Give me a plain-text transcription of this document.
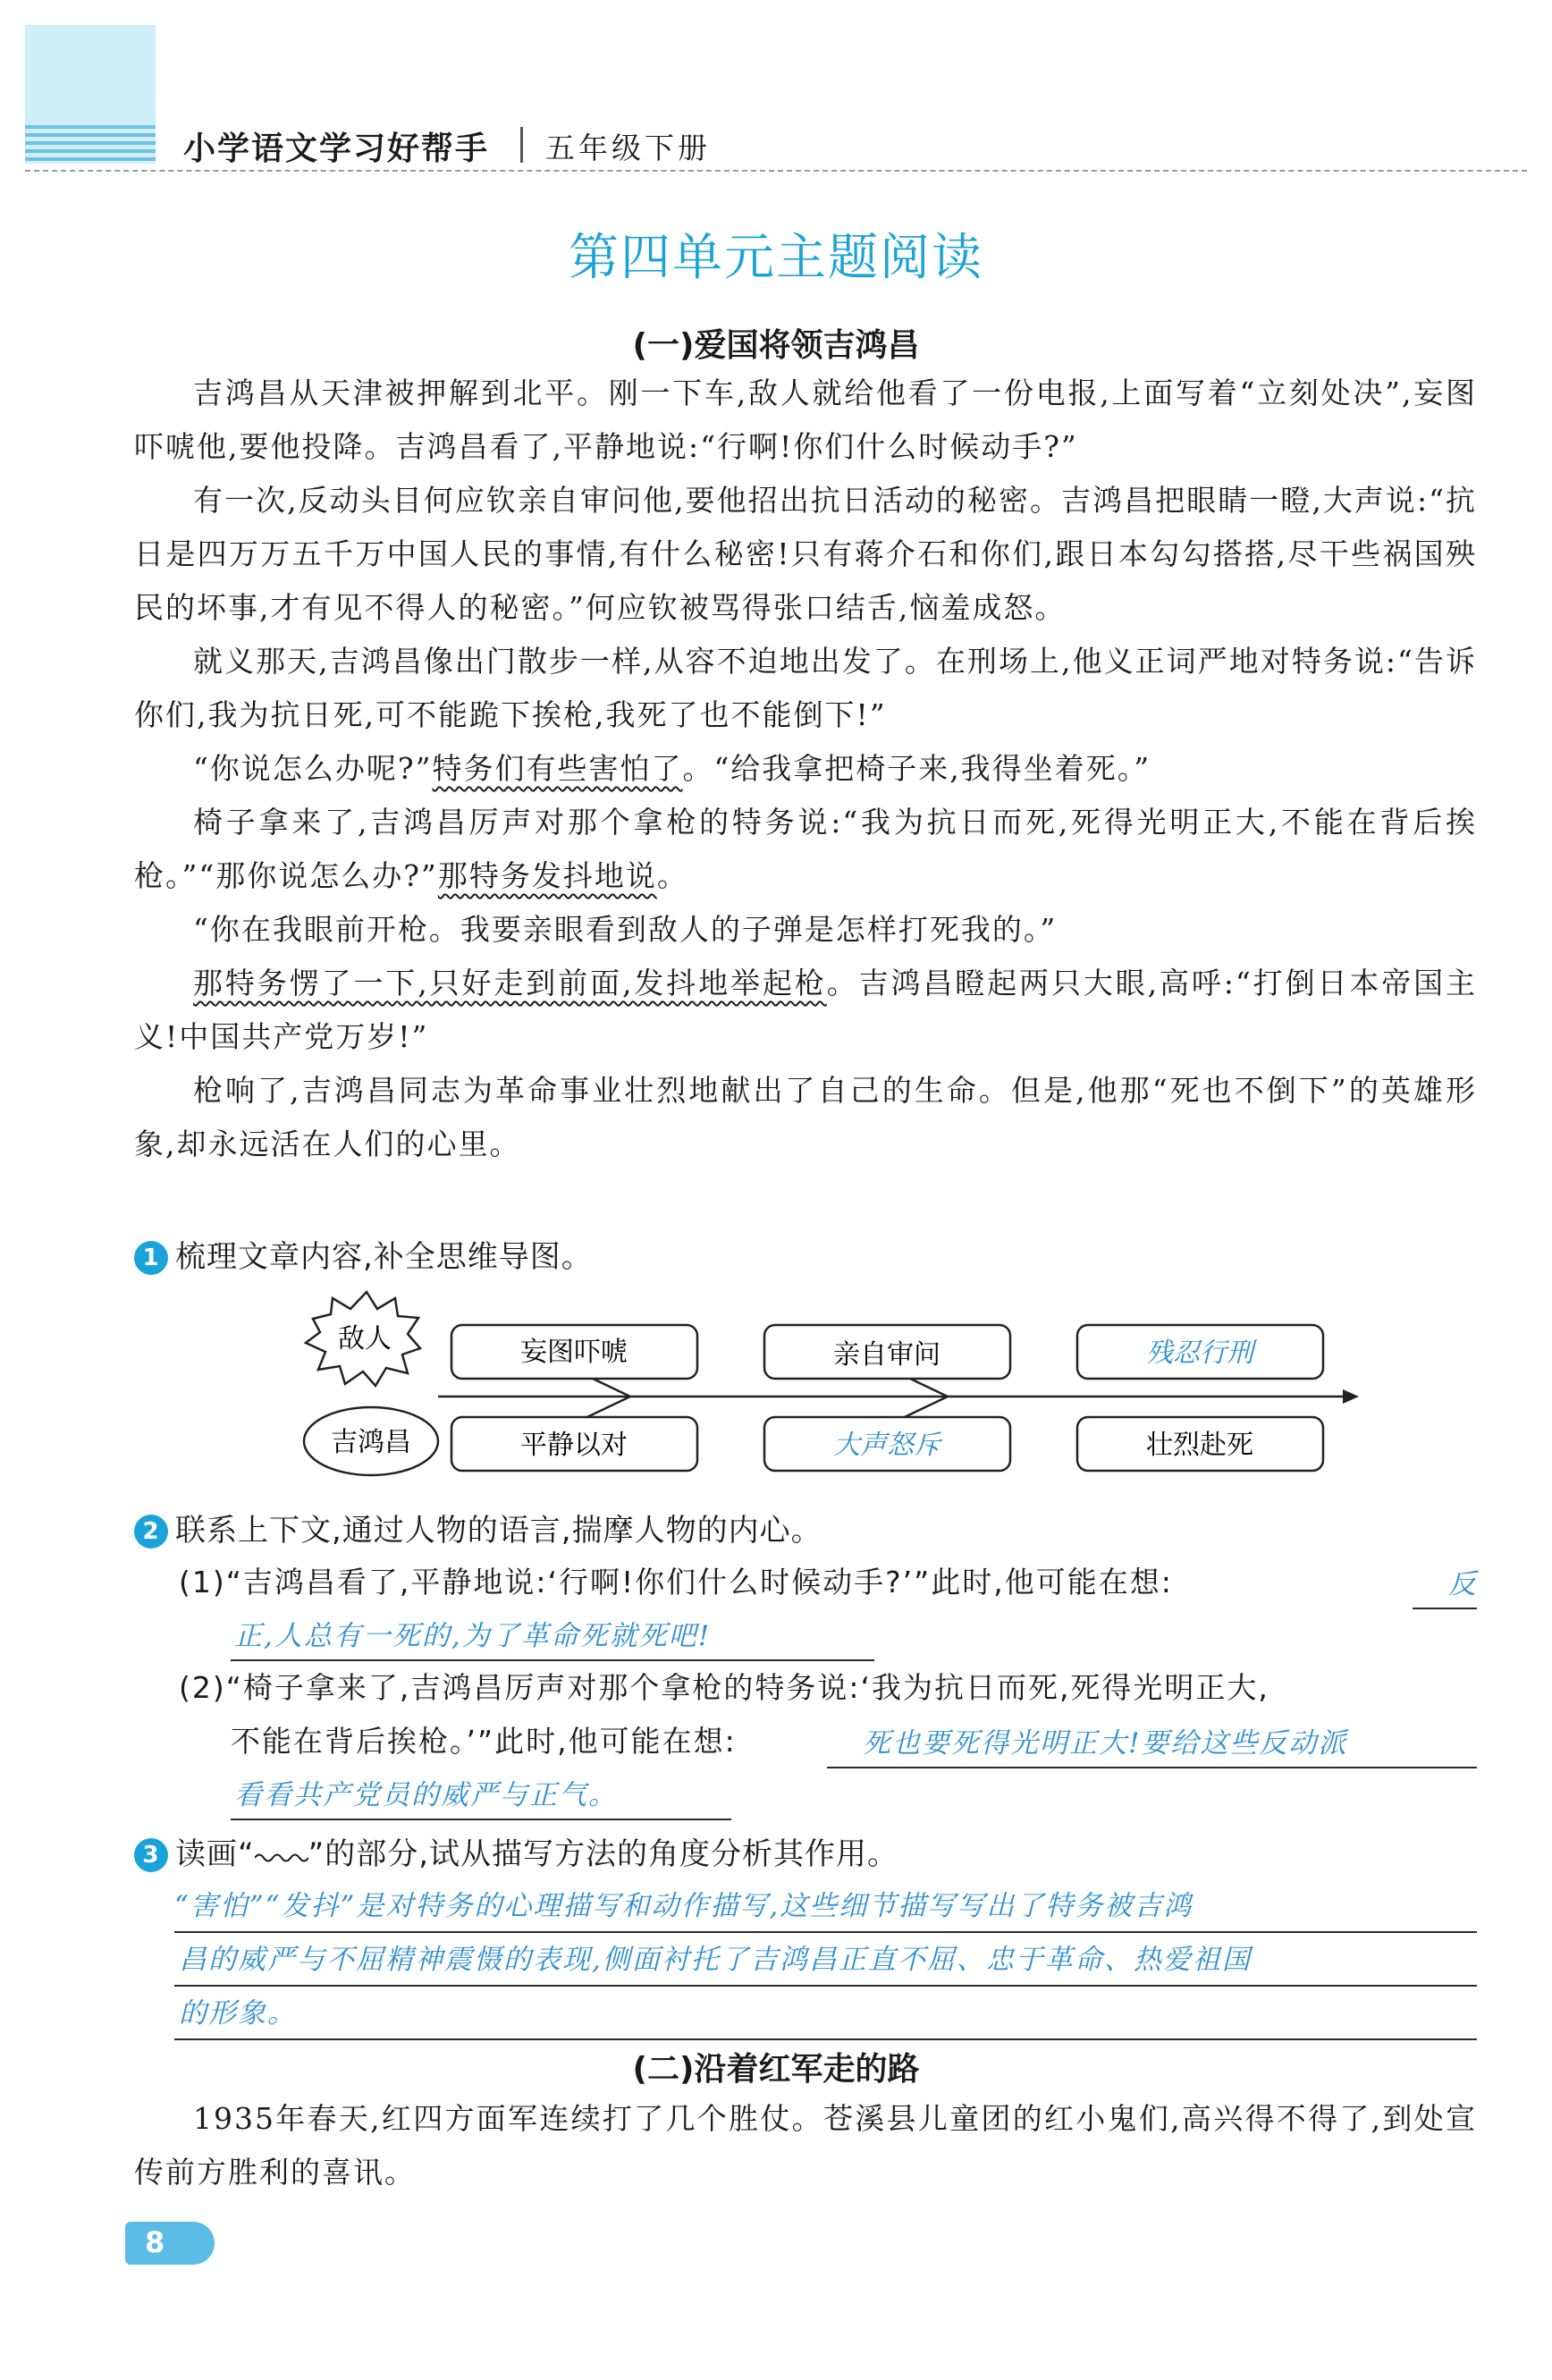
小学语文学习好帮手 五年级下册
第四单元主题阅读
(一)爱国将领吉鸿昌

吉鸿昌从天津被押解到北平。刚一下车,敌人就给他看了一份电报,上面写着“立刻处决”,妄图吓唬他,要他投降。吉鸿昌看了,平静地说:“行啊!你们什么时候动手?”

有一次,反动头目何应钦亲自审问他,要他招出抗日活动的秘密。吉鸿昌把眼睛一瞪,大声说:“抗日是四万万五千万中国人民的事情,有什么秘密!只有蒋介石和你们,跟日本勾勾搭搭,尽干些祸国殃民的坏事,才有见不得人的秘密。”何应钦被骂得张口结舌,恼羞成怒。

就义那天,吉鸿昌像出门散步一样,从容不迫地出发了。在刑场上,他义正词严地对特务说:“告诉你们,我为抗日死,可不能跪下挨枪,我死了也不能倒下!”

“你说怎么办呢?”特务们有些害怕了。“给我拿把椅子来,我得坐着死。”

椅子拿来了,吉鸿昌厉声对那个拿枪的特务说:“我为抗日而死,死得光明正大,不能在背后挨枪。”“那你说怎么办?”那特务发抖地说。

“你在我眼前开枪。我要亲眼看到敌人的子弹是怎样打死我的。”

那特务愣了一下,只好走到前面,发抖地举起枪。吉鸿昌瞪起两只大眼,高呼:“打倒日本帝国主义!中国共产党万岁!”

枪响了,吉鸿昌同志为革命事业壮烈地献出了自己的生命。但是,他那“死也不倒下”的英雄形象,却永远活在人们的心里。

1 梳理文章内容,补全思维导图。
敌人
吉鸿昌
妄图吓唬	亲自审问	残忍行刑
平静以对	大声怒斥	壮烈赴死
2 联系上下文,通过人物的语言,揣摩人物的内心。
(1)“吉鸿昌看了,平静地说:‘行啊!你们什么时候动手?’”此时,他可能在想:	反
正,人总有一死的,为了革命死就死吧!
(2)“椅子拿来了,吉鸿昌厉声对那个拿枪的特务说:‘我为抗日而死,死得光明正大,
不能在背后挨枪。’”此时,他可能在想:	死也要死得光明正大!要给这些反动派
看看共产党员的威严与正气。
3 读画“ ”的部分,试从描写方法的角度分析其作用。
“害怕”“发抖”是对特务的心理描写和动作描写,这些细节描写写出了特务被吉鸿
昌的威严与不屈精神震慑的表现,侧面衬托了吉鸿昌正直不屈、忠于革命、热爱祖国
的形象。
(二)沿着红军走的路

1935年春天,红四方面军连续打了几个胜仗。苍溪县儿童团的红小鬼们,高兴得不得了,到处宣传前方胜利的喜讯。

8
